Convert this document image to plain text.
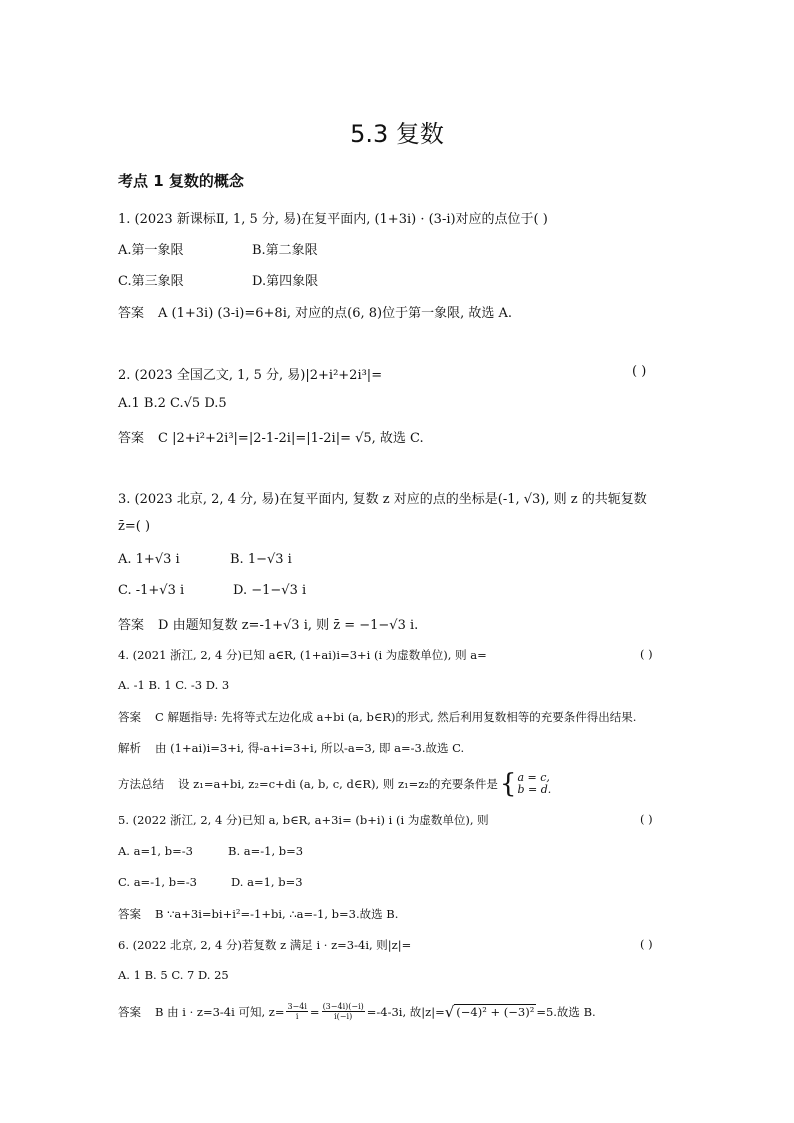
5.3 复数
考点 1 复数的概念
1. (2023 新课标Ⅱ, 1, 5 分, 易)在复平面内, (1+3i) · (3-i)对应的点位于( )
A.第一象限	B.第二象限
C.第三象限	D.第四象限
答案 A (1+3i) (3-i)=6+8i, 对应的点(6, 8)位于第一象限, 故选 A.
2. (2023 全国乙文, 1, 5 分, 易)|2+i²+2i³|=	( )
A.1 B.2 C.√5 D.5
答案 C |2+i²+2i³|=|2-1-2i|=|1-2i|= √5, 故选 C.
3. (2023 北京, 2, 4 分, 易)在复平面内, 复数 z 对应的点的坐标是(-1, √3), 则 z 的共轭复数
z̄=( )
A. 1+√3 i	B. 1−√3 i
C. -1+√3 i	D. −1−√3 i
答案 D 由题知复数 z=-1+√3 i, 则 z̄ = −1−√3 i.
4. (2021 浙江, 2, 4 分)已知 a∈R, (1+ai)i=3+i (i 为虚数单位), 则 a=	( )
A. -1 B. 1 C. -3 D. 3
答案 C 解题指导: 先将等式左边化成 a+bi (a, b∈R)的形式, 然后利用复数相等的充要条件得出结果.
解析 由 (1+ai)i=3+i, 得-a+i=3+i, 所以-a=3, 即 a=-3.故选 C.
方法总结 设 z₁=a+bi, z₂=c+di (a, b, c, d∈R), 则 z₁=z₂的充要条件是 { a = c,
b = d.
5. (2022 浙江, 2, 4 分)已知 a, b∈R, a+3i= (b+i) i (i 为虚数单位), 则	( )
A. a=1, b=-3	B. a=-1, b=3
C. a=-1, b=-3	D. a=1, b=3
答案 B ∵a+3i=bi+i²=-1+bi, ∴a=-1, b=3.故选 B.
6. (2022 北京, 2, 4 分)若复数 z 满足 i · z=3-4i, 则|z|=	( )
A. 1 B. 5 C. 7 D. 25
答案 B 由 i · z=3-4i 可知, $z= \frac{3-4i}{i} = \frac{(3-4i)(-i)}{i(-i)} =-4-3i$, 故|z|= √ (−4)² + (−3)² =5.故选 B.
